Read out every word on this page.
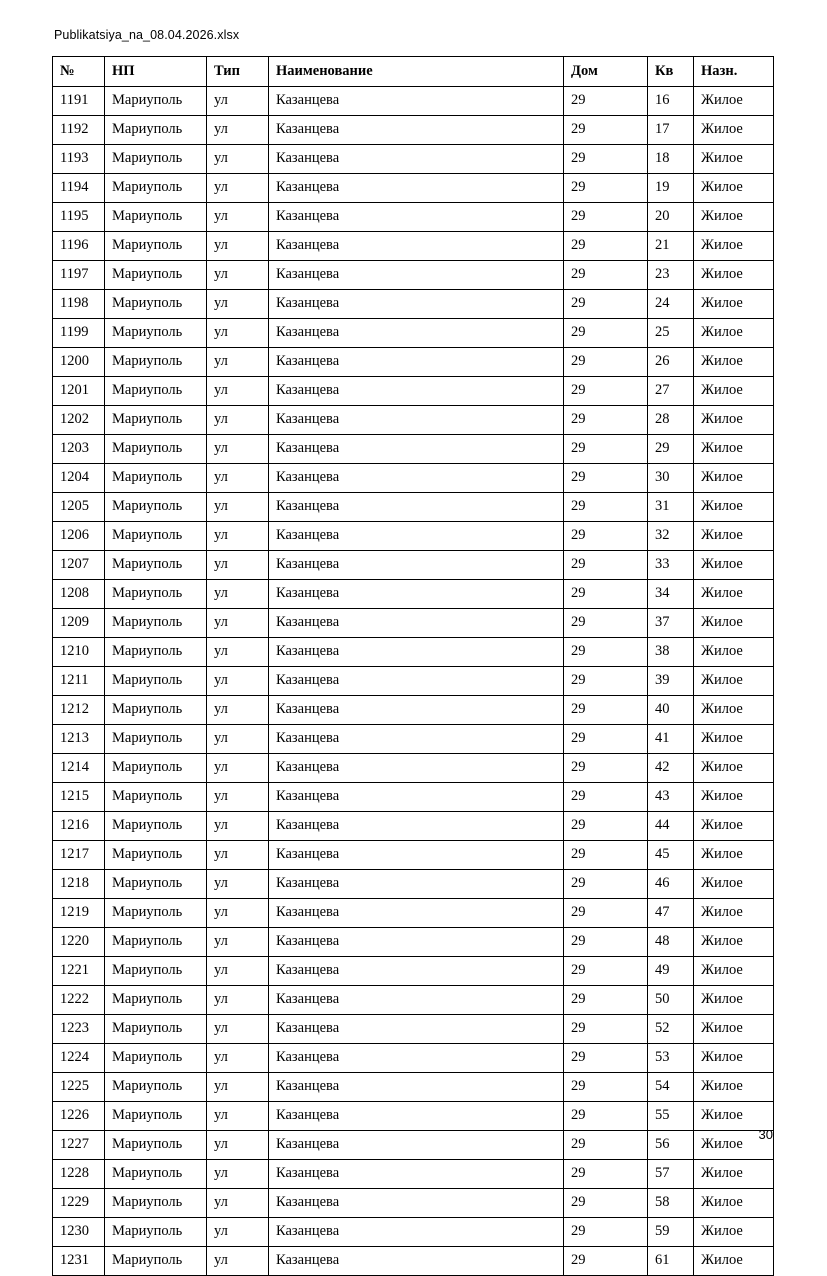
Publikatsiya_na_08.04.2026.xlsx
№	НП	Тип	Наименование	Дом	Кв	Назн.
1191	Мариуполь	ул	Казанцева	29	16	Жилое
1192	Мариуполь	ул	Казанцева	29	17	Жилое
1193	Мариуполь	ул	Казанцева	29	18	Жилое
1194	Мариуполь	ул	Казанцева	29	19	Жилое
1195	Мариуполь	ул	Казанцева	29	20	Жилое
1196	Мариуполь	ул	Казанцева	29	21	Жилое
1197	Мариуполь	ул	Казанцева	29	23	Жилое
1198	Мариуполь	ул	Казанцева	29	24	Жилое
1199	Мариуполь	ул	Казанцева	29	25	Жилое
1200	Мариуполь	ул	Казанцева	29	26	Жилое
1201	Мариуполь	ул	Казанцева	29	27	Жилое
1202	Мариуполь	ул	Казанцева	29	28	Жилое
1203	Мариуполь	ул	Казанцева	29	29	Жилое
1204	Мариуполь	ул	Казанцева	29	30	Жилое
1205	Мариуполь	ул	Казанцева	29	31	Жилое
1206	Мариуполь	ул	Казанцева	29	32	Жилое
1207	Мариуполь	ул	Казанцева	29	33	Жилое
1208	Мариуполь	ул	Казанцева	29	34	Жилое
1209	Мариуполь	ул	Казанцева	29	37	Жилое
1210	Мариуполь	ул	Казанцева	29	38	Жилое
1211	Мариуполь	ул	Казанцева	29	39	Жилое
1212	Мариуполь	ул	Казанцева	29	40	Жилое
1213	Мариуполь	ул	Казанцева	29	41	Жилое
1214	Мариуполь	ул	Казанцева	29	42	Жилое
1215	Мариуполь	ул	Казанцева	29	43	Жилое
1216	Мариуполь	ул	Казанцева	29	44	Жилое
1217	Мариуполь	ул	Казанцева	29	45	Жилое
1218	Мариуполь	ул	Казанцева	29	46	Жилое
1219	Мариуполь	ул	Казанцева	29	47	Жилое
1220	Мариуполь	ул	Казанцева	29	48	Жилое
1221	Мариуполь	ул	Казанцева	29	49	Жилое
1222	Мариуполь	ул	Казанцева	29	50	Жилое
1223	Мариуполь	ул	Казанцева	29	52	Жилое
1224	Мариуполь	ул	Казанцева	29	53	Жилое
1225	Мариуполь	ул	Казанцева	29	54	Жилое
1226	Мариуполь	ул	Казанцева	29	55	Жилое
1227	Мариуполь	ул	Казанцева	29	56	Жилое
1228	Мариуполь	ул	Казанцева	29	57	Жилое
1229	Мариуполь	ул	Казанцева	29	58	Жилое
1230	Мариуполь	ул	Казанцева	29	59	Жилое
1231	Мариуполь	ул	Казанцева	29	61	Жилое
30
